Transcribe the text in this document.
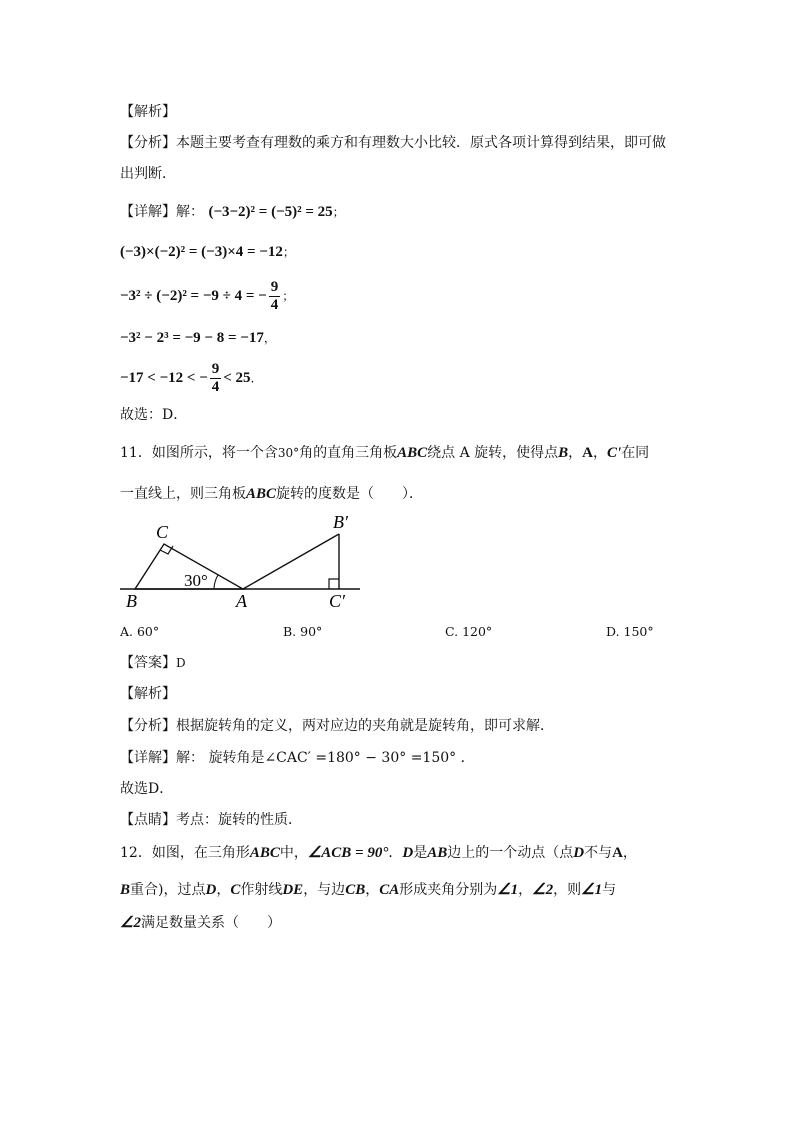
【解析】
【分析】本题主要考查有理数的乘方和有理数大小比较．原式各项计算得到结果，即可做
出判断．
【详解】解： (−3−2)² = (−5)² = 25；
(−3)×(−2)² = (−3)×4 = −12；
−3² ÷ (−2)² = −9 ÷ 4 = − $\frac{9}{4}$ ；
−3² − 2³ = −9 − 8 = −17，
−17 < −12 < − $\frac{9}{4} < 25$．
故选：D．
11．如图所示，将一个含30°角的直角三角板ABC绕点 A 旋转，使得点B，A，C'在同
一直线上，则三角板ABC旋转的度数是（　　）．
C	B′
B	A	C′
30°
A. 60°	B. 90°	C. 120°	D. 150°
【答案】D
【解析】
【分析】根据旋转角的定义，两对应边的夹角就是旋转角，即可求解．
【详解】解： 旋转角是∠CAC′ =180° − 30° =150° ．
故选D．
【点睛】考点：旋转的性质．
12．如图，在三角形ABC中，∠ACB = 90°．D是AB边上的一个动点（点D不与A，
B重合)，过点D，C作射线DE，与边CB，CA形成夹角分别为∠1，∠2，则∠1与
∠2满足数量关系（　　）
